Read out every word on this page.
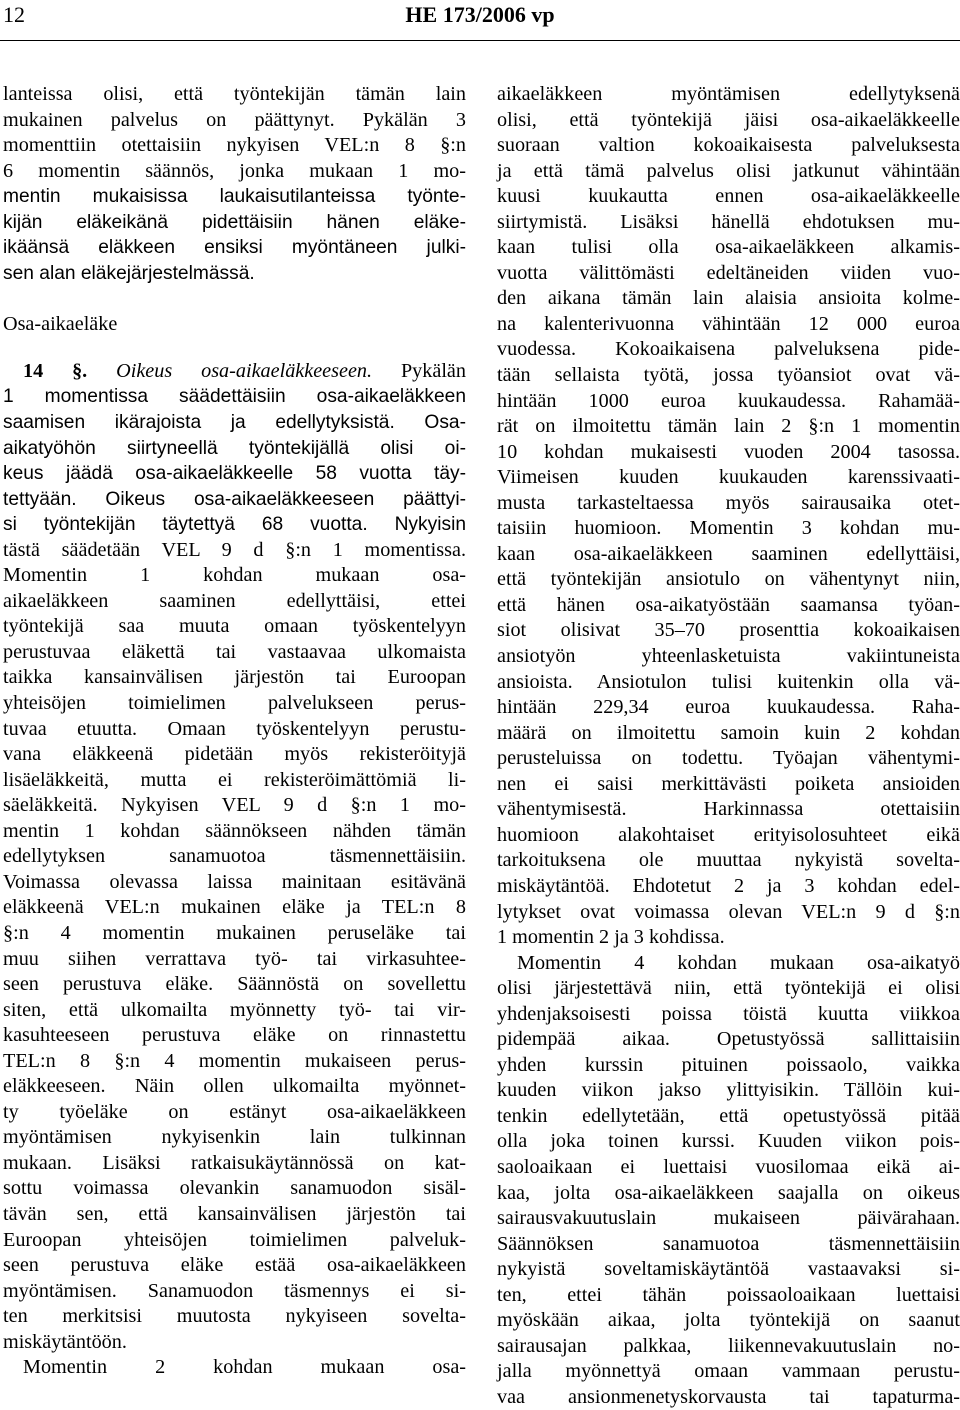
12	HE 173/2006 vp
lanteissa olisi, että työntekijän tämän lain
mukainen palvelus on päättynyt. Pykälän 3
momenttiin otettaisiin nykyisen VEL:n 8 §:n
6 momentin säännös, jonka mukaan 1 mo-
mentin mukaisissa laukaisutilanteissa työnte-
kijän eläkeikänä pidettäisiin hänen eläke-
ikäänsä eläkkeen ensiksi myöntäneen julki-
sen alan eläkejärjestelmässä.

Osa-aikaeläke

14 §. Oikeus osa-aikaeläkkeeseen. Pykälän
1 momentissa säädettäisiin osa-aikaeläkkeen
saamisen ikärajoista ja edellytyksistä. Osa-
aikatyöhön siirtyneellä työntekijällä olisi oi-
keus jäädä osa-aikaeläkkeelle 58 vuotta täy-
tettyään. Oikeus osa-aikaeläkkeeseen päättyi-
si työntekijän täytettyä 68 vuotta. Nykyisin
tästä säädetään VEL 9 d §:n 1 momentissa.
Momentin 1 kohdan mukaan osa-
aikaeläkkeen saaminen edellyttäisi, ettei
työntekijä saa muuta omaan työskentelyyn
perustuvaa eläkettä tai vastaavaa ulkomaista
taikka kansainvälisen järjestön tai Euroopan
yhteisöjen toimielimen palvelukseen perus-
tuvaa etuutta. Omaan työskentelyyn perustu-
vana eläkkeenä pidetään myös rekisteröityjä
lisäeläkkeitä, mutta ei rekisteröimättömiä li-
säeläkkeitä. Nykyisen VEL 9 d §:n 1 mo-
mentin 1 kohdan säännökseen nähden tämän
edellytyksen sanamuotoa täsmennettäisiin.
Voimassa olevassa laissa mainitaan esitävänä
eläkkeenä VEL:n mukainen eläke ja TEL:n 8
§:n 4 momentin mukainen peruseläke tai
muu siihen verrattava työ- tai virkasuhtee-
seen perustuva eläke. Säännöstä on sovellettu
siten, että ulkomailta myönnetty työ- tai vir-
kasuhteeseen perustuva eläke on rinnastettu
TEL:n 8 §:n 4 momentin mukaiseen perus-
eläkkeeseen. Näin ollen ulkomailta myönnet-
ty työeläke on estänyt osa-aikaeläkkeen
myöntämisen nykyisenkin lain tulkinnan
mukaan. Lisäksi ratkaisukäytännössä on kat-
sottu voimassa olevankin sanamuodon sisäl-
tävän sen, että kansainvälisen järjestön tai
Euroopan yhteisöjen toimielimen palveluk-
seen perustuva eläke estää osa-aikaeläkkeen
myöntämisen. Sanamuodon täsmennys ei si-
ten merkitsisi muutosta nykyiseen sovelta-
miskäytäntöön.
Momentin 2 kohdan mukaan osa-
aikaeläkkeen myöntämisen edellytyksenä
olisi, että työntekijä jäisi osa-aikaeläkkeelle
suoraan valtion kokoaikaisesta palveluksesta
ja että tämä palvelus olisi jatkunut vähintään
kuusi kuukautta ennen osa-aikaeläkkeelle
siirtymistä. Lisäksi hänellä ehdotuksen mu-
kaan tulisi olla osa-aikaeläkkeen alkamis-
vuotta välittömästi edeltäneiden viiden vuo-
den aikana tämän lain alaisia ansioita kolme-
na kalenterivuonna vähintään 12 000 euroa
vuodessa. Kokoaikaisena palveluksena pide-
tään sellaista työtä, jossa työansiot ovat vä-
hintään 1000 euroa kuukaudessa. Rahamää-
rät on ilmoitettu tämän lain 2 §:n 1 momentin
10 kohdan mukaisesti vuoden 2004 tasossa.
Viimeisen kuuden kuukauden karenssivaati-
musta tarkasteltaessa myös sairausaika otet-
taisiin huomioon. Momentin 3 kohdan mu-
kaan osa-aikaeläkkeen saaminen edellyttäisi,
että työntekijän ansiotulo on vähentynyt niin,
että hänen osa-aikatyöstään saamansa työan-
siot olisivat 35–70 prosenttia kokoaikaisen
ansiotyön yhteenlasketuista vakiintuneista
ansioista. Ansiotulon tulisi kuitenkin olla vä-
hintään 229,34 euroa kuukaudessa. Raha-
määrä on ilmoitettu samoin kuin 2 kohdan
perusteluissa on todettu. Työajan vähentymi-
nen ei saisi merkittävästi poiketa ansioiden
vähentymisestä. Harkinnassa otettaisiin
huomioon alakohtaiset erityisolosuhteet eikä
tarkoituksena ole muuttaa nykyistä sovelta-
miskäytäntöä. Ehdotetut 2 ja 3 kohdan edel-
lytykset ovat voimassa olevan VEL:n 9 d §:n
1 momentin 2 ja 3 kohdissa.
Momentin 4 kohdan mukaan osa-aikatyö
olisi järjestettävä niin, että työntekijä ei olisi
yhdenjaksoisesti poissa töistä kuutta viikkoa
pidempää aikaa. Opetustyössä sallittaisiin
yhden kurssin pituinen poissaolo, vaikka
kuuden viikon jakso ylittyisikin. Tällöin kui-
tenkin edellytetään, että opetustyössä pitää
olla joka toinen kurssi. Kuuden viikon pois-
saoloaikaan ei luettaisi vuosilomaa eikä ai-
kaa, jolta osa-aikaeläkkeen saajalla on oikeus
sairausvakuutuslain mukaiseen päivärahaan.
Säännöksen sanamuotoa täsmennettäisiin
nykyistä soveltamiskäytäntöä vastaavaksi si-
ten, ettei tähän poissaoloaikaan luettaisi
myöskään aikaa, jolta työntekijä on saanut
sairausajan palkkaa, liikennevakuutuslain no-
jalla myönnettyä omaan vammaan perustu-
vaa ansionmenetyskorvausta tai tapaturma-
